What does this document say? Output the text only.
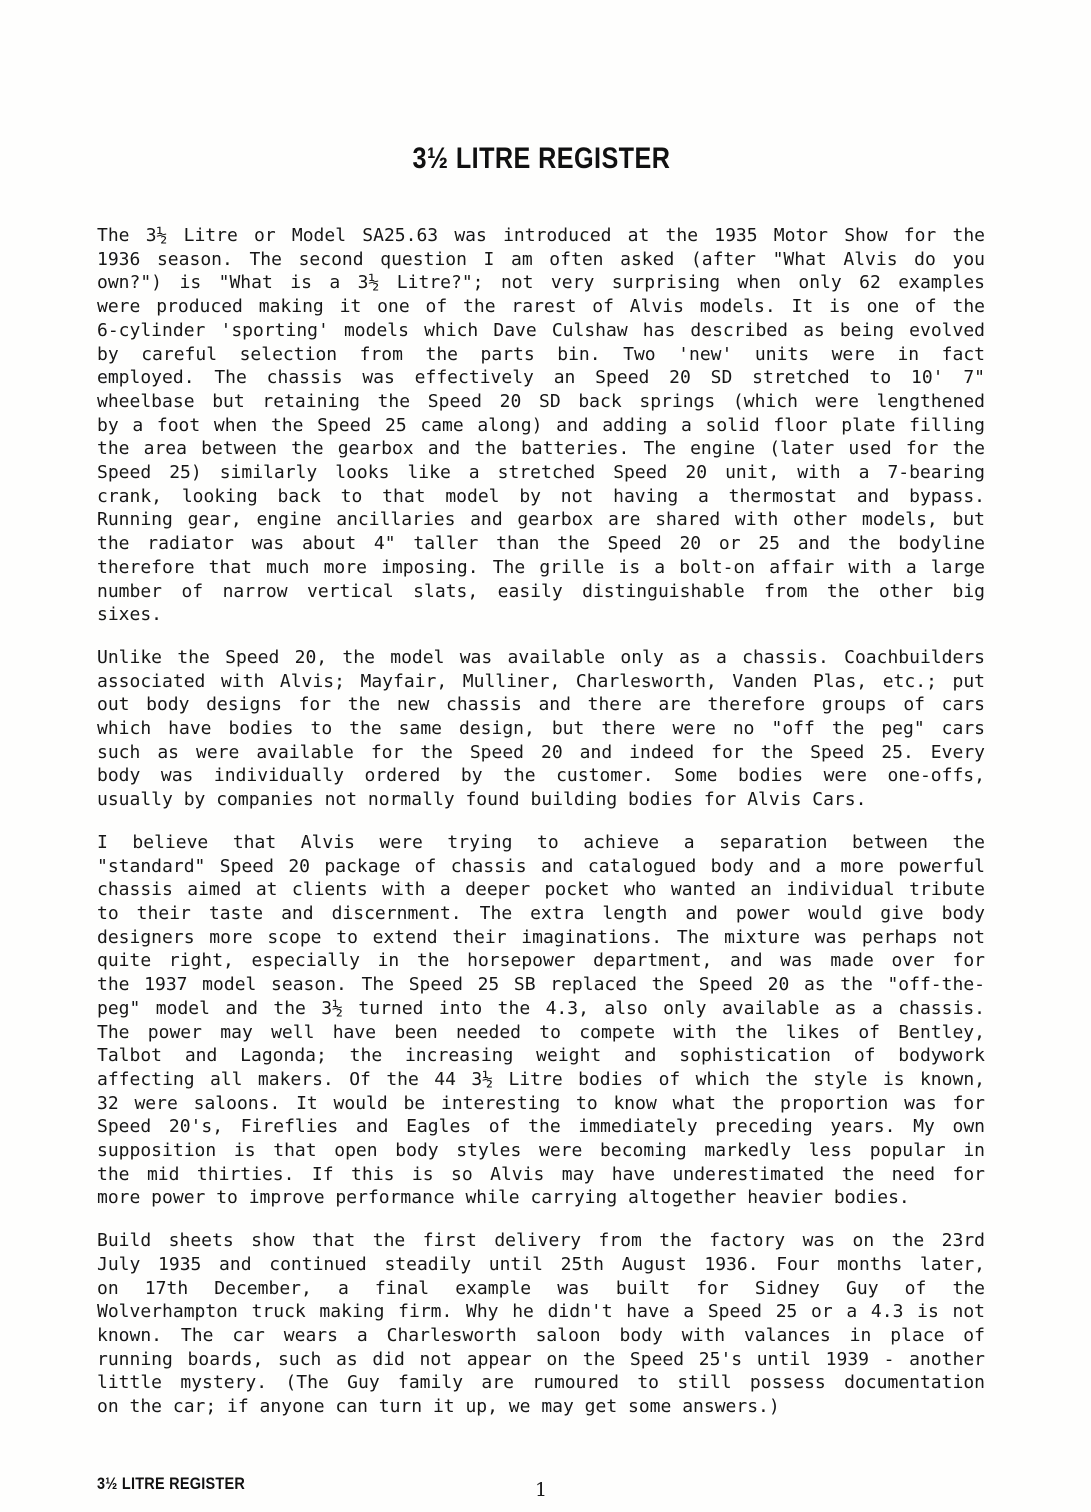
3½ LITRE REGISTER
The 3½ Litre or Model SA25.63 was introduced at the 1935 Motor Show for the
1936 season. The second question I am often asked (after "What Alvis do you
own?") is "What is a 3½ Litre?"; not very surprising when only 62 examples
were produced making it one of the rarest of Alvis models. It is one of the
6-cylinder 'sporting' models which Dave Culshaw has described as being evolved
by careful selection from the parts bin. Two 'new' units were in fact
employed. The chassis was effectively an Speed 20 SD stretched to 10' 7"
wheelbase but retaining the Speed 20 SD back springs (which were lengthened
by a foot when the Speed 25 came along) and adding a solid floor plate filling
the area between the gearbox and the batteries. The engine (later used for the
Speed 25) similarly looks like a stretched Speed 20 unit, with a 7-bearing
crank, looking back to that model by not having a thermostat and bypass.
Running gear, engine ancillaries and gearbox are shared with other models, but
the radiator was about 4" taller than the Speed 20 or 25 and the bodyline
therefore that much more imposing. The grille is a bolt-on affair with a large
number of narrow vertical slats, easily distinguishable from the other big
sixes.
Unlike the Speed 20, the model was available only as a chassis. Coachbuilders
associated with Alvis; Mayfair, Mulliner, Charlesworth, Vanden Plas, etc.; put
out body designs for the new chassis and there are therefore groups of cars
which have bodies to the same design, but there were no "off the peg" cars
such as were available for the Speed 20 and indeed for the Speed 25. Every
body was individually ordered by the customer. Some bodies were one-offs,
usually by companies not normally found building bodies for Alvis Cars.
I believe that Alvis were trying to achieve a separation between the
"standard" Speed 20 package of chassis and catalogued body and a more powerful
chassis aimed at clients with a deeper pocket who wanted an individual tribute
to their taste and discernment. The extra length and power would give body
designers more scope to extend their imaginations. The mixture was perhaps not
quite right, especially in the horsepower department, and was made over for
the 1937 model season. The Speed 25 SB replaced the Speed 20 as the "off-the-
peg" model and the 3½ turned into the 4.3, also only available as a chassis.
The power may well have been needed to compete with the likes of Bentley,
Talbot and Lagonda; the increasing weight and sophistication of bodywork
affecting all makers. Of the 44 3½ Litre bodies of which the style is known,
32 were saloons. It would be interesting to know what the proportion was for
Speed 20's, Fireflies and Eagles of the immediately preceding years. My own
supposition is that open body styles were becoming markedly less popular in
the mid thirties. If this is so Alvis may have underestimated the need for
more power to improve performance while carrying altogether heavier bodies.
Build sheets show that the first delivery from the factory was on the 23rd
July 1935 and continued steadily until 25th August 1936. Four months later,
on 17th December, a final example was built for Sidney Guy of the
Wolverhampton truck making firm. Why he didn't have a Speed 25 or a 4.3 is not
known. The car wears a Charlesworth saloon body with valances in place of
running boards, such as did not appear on the Speed 25's until 1939 - another
little mystery. (The Guy family are rumoured to still possess documentation
on the car; if anyone can turn it up, we may get some answers.)
3½ LITRE REGISTER	1
